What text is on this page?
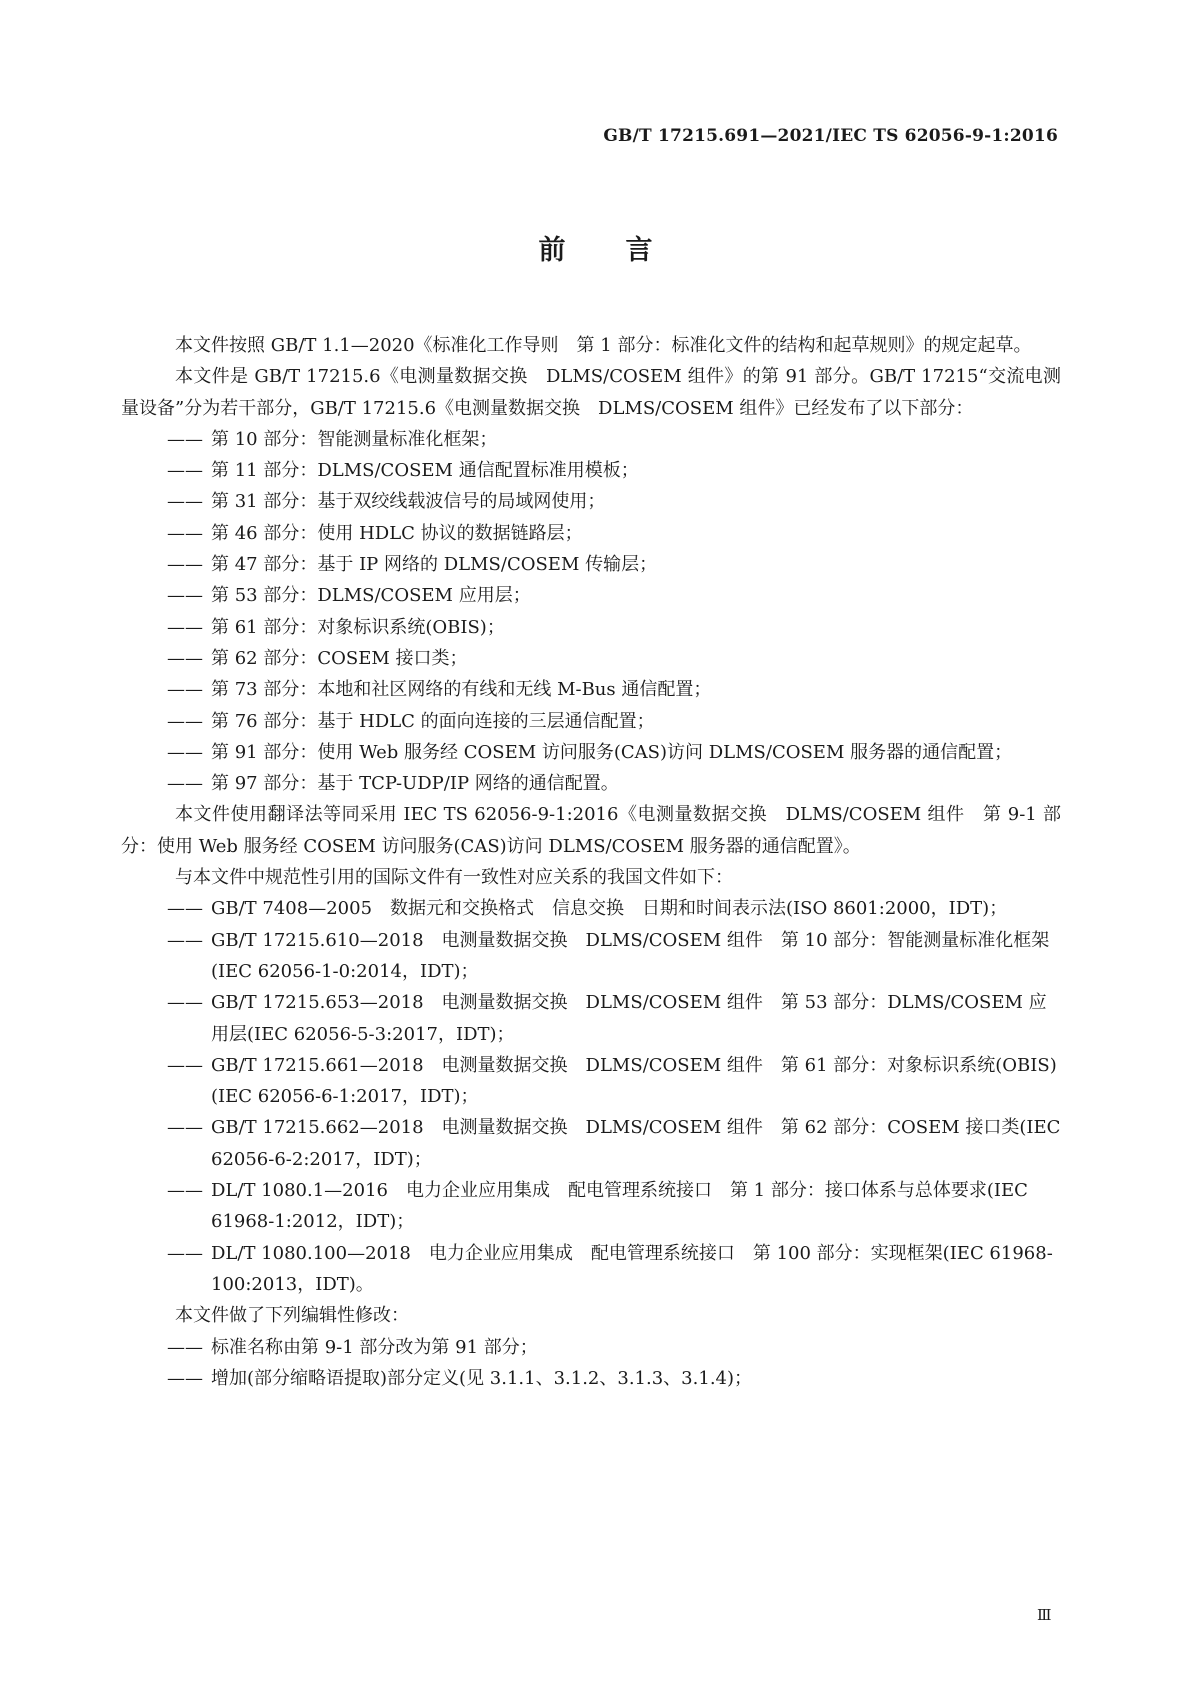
GB/T 17215.691—2021/IEC TS 62056-9-1:2016
前 言

本文件按照 GB/T 1.1—2020《标准化工作导则　第 1 部分：标准化文件的结构和起草规则》的规定起草。

本文件是 GB/T 17215.6《电测量数据交换　DLMS/COSEM 组件》的第 91 部分。GB/T 17215“交流电测量设备”分为若干部分，GB/T 17215.6《电测量数据交换　DLMS/COSEM 组件》已经发布了以下部分：

—— 第 10 部分：智能测量标准化框架；

—— 第 11 部分：DLMS/COSEM 通信配置标准用模板；

—— 第 31 部分：基于双绞线载波信号的局域网使用；

—— 第 46 部分：使用 HDLC 协议的数据链路层；

—— 第 47 部分：基于 IP 网络的 DLMS/COSEM 传输层；

—— 第 53 部分：DLMS/COSEM 应用层；

—— 第 61 部分：对象标识系统(OBIS)；

—— 第 62 部分：COSEM 接口类；

—— 第 73 部分：本地和社区网络的有线和无线 M-Bus 通信配置；

—— 第 76 部分：基于 HDLC 的面向连接的三层通信配置；

—— 第 91 部分：使用 Web 服务经 COSEM 访问服务(CAS)访问 DLMS/COSEM 服务器的通信配置；

—— 第 97 部分：基于 TCP-UDP/IP 网络的通信配置。

本文件使用翻译法等同采用 IEC TS 62056-9-1:2016《电测量数据交换　DLMS/COSEM 组件　第 9-1 部分：使用 Web 服务经 COSEM 访问服务(CAS)访问 DLMS/COSEM 服务器的通信配置》。

与本文件中规范性引用的国际文件有一致性对应关系的我国文件如下：

—— GB/T 7408—2005　数据元和交换格式　信息交换　日期和时间表示法(ISO 8601:2000，IDT)；

—— GB/T 17215.610—2018　电测量数据交换　DLMS/COSEM 组件　第 10 部分：智能测量标准化框架(IEC 62056-1-0:2014，IDT)；

—— GB/T 17215.653—2018　电测量数据交换　DLMS/COSEM 组件　第 53 部分：DLMS/COSEM 应用层(IEC 62056-5-3:2017，IDT)；

—— GB/T 17215.661—2018　电测量数据交换　DLMS/COSEM 组件　第 61 部分：对象标识系统(OBIS)(IEC 62056-6-1:2017，IDT)；

—— GB/T 17215.662—2018　电测量数据交换　DLMS/COSEM 组件　第 62 部分：COSEM 接口类(IEC 62056-6-2:2017，IDT)；

—— DL/T 1080.1—2016　电力企业应用集成　配电管理系统接口　第 1 部分：接口体系与总体要求(IEC 61968-1:2012，IDT)；

—— DL/T 1080.100—2018　电力企业应用集成　配电管理系统接口　第 100 部分：实现框架(IEC 61968-100:2013，IDT)。

本文件做了下列编辑性修改：

—— 标准名称由第 9-1 部分改为第 91 部分；

—— 增加(部分缩略语提取)部分定义(见 3.1.1、3.1.2、3.1.3、3.1.4)；

Ⅲ
